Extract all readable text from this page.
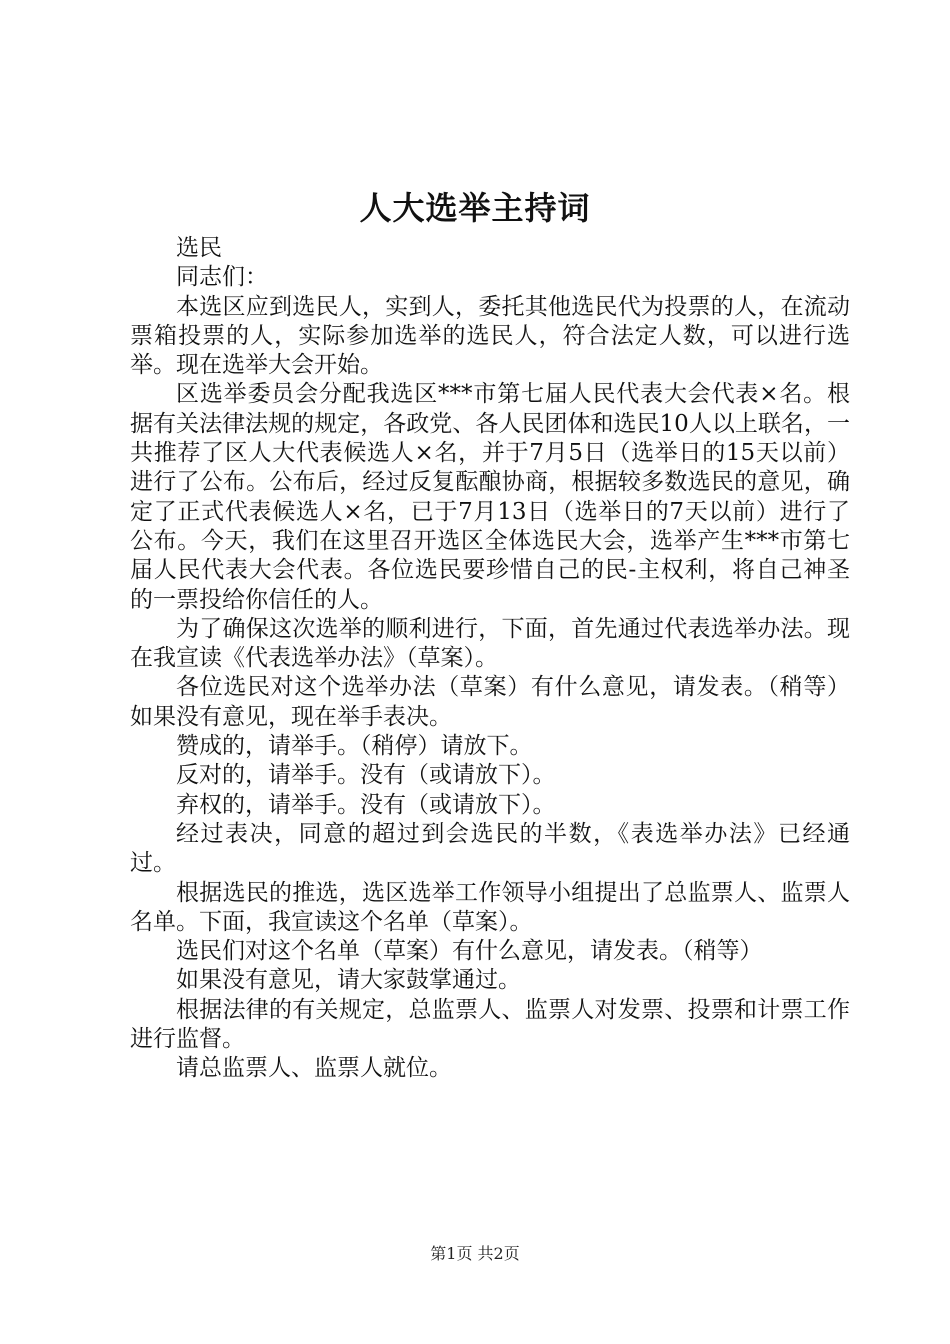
人大选举主持词

选民

同志们：

本选区应到选民人，实到人，委托其他选民代为投票的人，在流动票箱投票的人，实际参加选举的选民人，符合法定人数，可以进行选举。现在选举大会开始。

区选举委员会分配我选区***市第七届人民代表大会代表×名。根据有关法律法规的规定，各政党、各人民团体和选民10人以上联名，一共推荐了区人大代表候选人×名，并于7月5日（选举日的15天以前）进行了公布。公布后，经过反复酝酿协商，根据较多数选民的意见，确定了正式代表候选人×名，已于7月13日（选举日的7天以前）进行了公布。今天，我们在这里召开选区全体选民大会，选举产生***市第七届人民代表大会代表。各位选民要珍惜自己的民-主权利，将自己神圣的一票投给你信任的人。

为了确保这次选举的顺利进行，下面，首先通过代表选举办法。现在我宣读《代表选举办法》（草案）。

各位选民对这个选举办法（草案）有什么意见，请发表。（稍等）如果没有意见，现在举手表决。

赞成的，请举手。（稍停）请放下。

反对的，请举手。没有（或请放下）。

弃权的，请举手。没有（或请放下）。

经过表决，同意的超过到会选民的半数，《表选举办法》已经通过。

根据选民的推选，选区选举工作领导小组提出了总监票人、监票人名单。下面，我宣读这个名单（草案）。

选民们对这个名单（草案）有什么意见，请发表。（稍等）

如果没有意见，请大家鼓掌通过。

根据法律的有关规定，总监票人、监票人对发票、投票和计票工作进行监督。

请总监票人、监票人就位。

第1页 共2页
